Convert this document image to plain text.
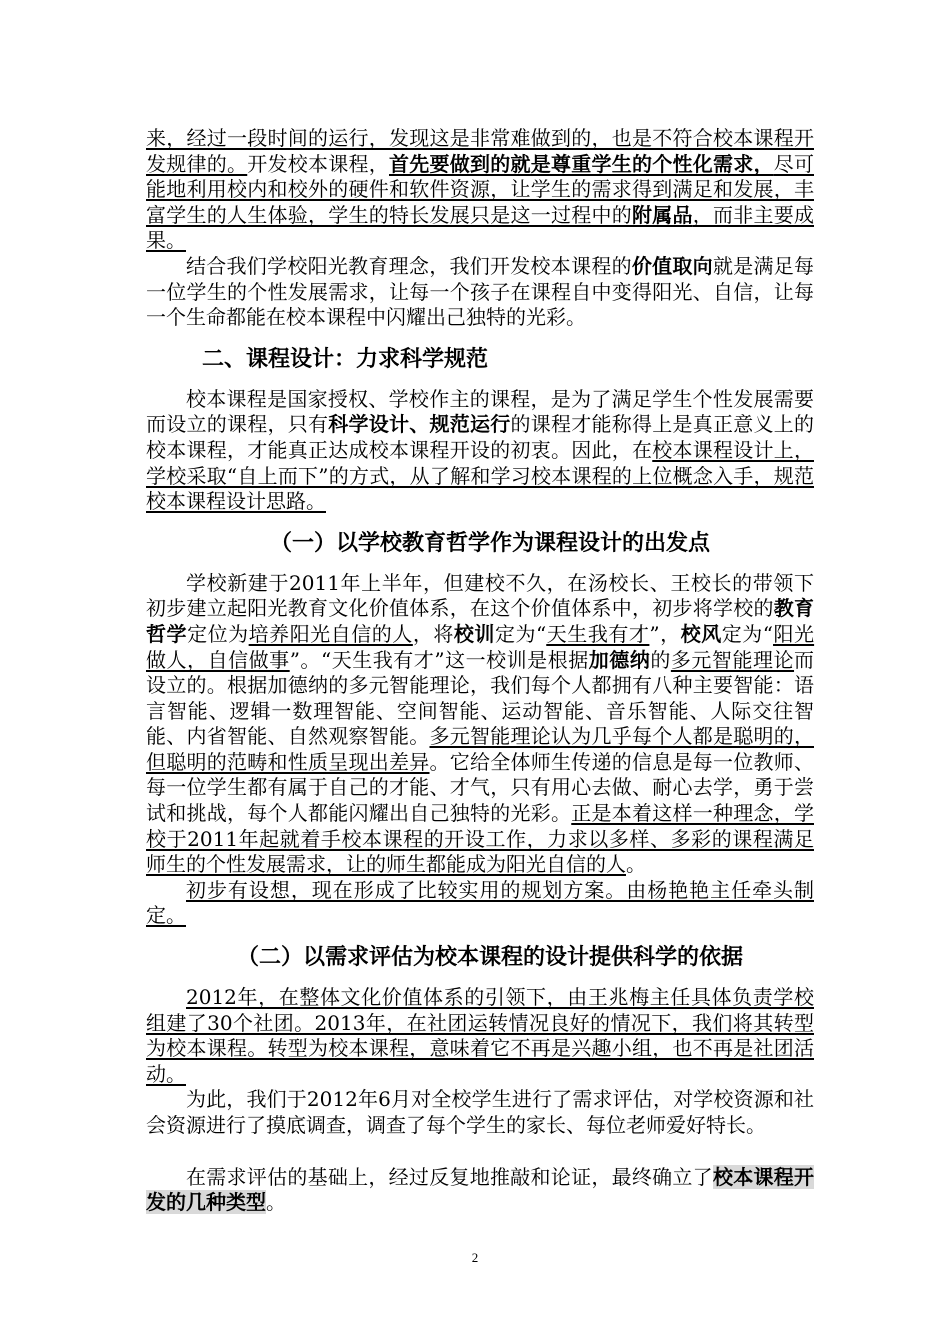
来，经过一段时间的运行，发现这是非常难做到的，也是不符合校本课程开发规律的。开发校本课程，首先要做到的就是尊重学生的个性化需求，尽可能地利用校内和校外的硬件和软件资源，让学生的需求得到满足和发展，丰富学生的人生体验，学生的特长发展只是这一过程中的附属品，而非主要成果。

结合我们学校阳光教育理念，我们开发校本课程的价值取向就是满足每一位学生的个性发展需求，让每一个孩子在课程自中变得阳光、自信，让每一个生命都能在校本课程中闪耀出己独特的光彩。

二、课程设计：力求科学规范

校本课程是国家授权、学校作主的课程，是为了满足学生个性发展需要而设立的课程，只有科学设计、规范运行的课程才能称得上是真正意义上的校本课程，才能真正达成校本课程开设的初衷。因此，在校本课程设计上，学校采取“自上而下”的方式，从了解和学习校本课程的上位概念入手，规范校本课程设计思路。

（一）以学校教育哲学作为课程设计的出发点

学校新建于2011年上半年，但建校不久，在汤校长、王校长的带领下初步建立起阳光教育文化价值体系，在这个价值体系中，初步将学校的教育哲学定位为培养阳光自信的人，将校训定为“天生我有才”，校风定为“阳光做人，自信做事”。“天生我有才”这一校训是根据加德纳的多元智能理论而设立的。根据加德纳的多元智能理论，我们每个人都拥有八种主要智能：语言智能、逻辑一数理智能、空间智能、运动智能、音乐智能、人际交往智能、内省智能、自然观察智能。多元智能理论认为几乎每个人都是聪明的，但聪明的范畴和性质呈现出差异。它给全体师生传递的信息是每一位教师、每一位学生都有属于自己的才能、才气，只有用心去做、耐心去学，勇于尝试和挑战，每个人都能闪耀出自己独特的光彩。正是本着这样一种理念，学校于2011年起就着手校本课程的开设工作，力求以多样、多彩的课程满足师生的个性发展需求，让的师生都能成为阳光自信的人。

初步有设想，现在形成了比较实用的规划方案。由杨艳艳主任牵头制定。

（二）以需求评估为校本课程的设计提供科学的依据

2012年，在整体文化价值体系的引领下，由王兆梅主任具体负责学校组建了30个社团。2013年，在社团运转情况良好的情况下，我们将其转型为校本课程。转型为校本课程，意味着它不再是兴趣小组，也不再是社团活动。

为此，我们于2012年6月对全校学生进行了需求评估，对学校资源和社会资源进行了摸底调查，调查了每个学生的家长、每位老师爱好特长。

在需求评估的基础上，经过反复地推敲和论证，最终确立了校本课程开发的几种类型。

2
